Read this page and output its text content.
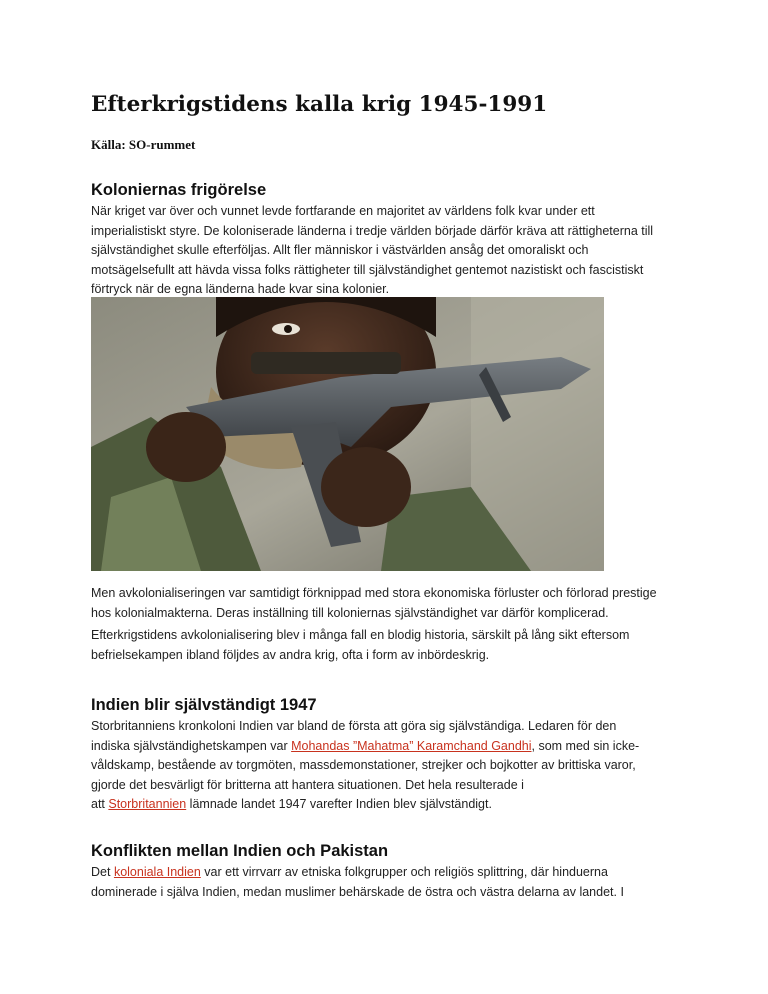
Efterkrigstidens kalla krig 1945-1991
Källa: SO-rummet
Koloniernas frigörelse

När kriget var över och vunnet levde fortfarande en majoritet av världens folk kvar under ett
imperialistiskt styre. De koloniserade länderna i tredje världen började därför kräva att rättigheterna till
självständighet skulle efterföljas. Allt fler människor i västvärlden ansåg det omoraliskt och
motsägelsefullt att hävda vissa folks rättigheter till självständighet gentemot nazistiskt och fascistiskt
förtryck när de egna länderna hade kvar sina kolonier.

Men avkolonialiseringen var samtidigt förknippad med stora ekonomiska förluster och förlorad prestige
hos kolonialmakterna. Deras inställning till koloniernas självständighet var därför komplicerad.

Efterkrigstidens avkolonialisering blev i många fall en blodig historia, särskilt på lång sikt eftersom
befrielsekampen ibland följdes av andra krig, ofta i form av inbördeskrig.

Indien blir självständigt 1947

Storbritanniens kronkoloni Indien var bland de första att göra sig självständiga. Ledaren för den
indiska självständighetskampen var Mohandas ”Mahatma” Karamchand Gandhi, som med sin icke-
våldskamp, bestående av torgmöten, massdemonstationer, strejker och bojkotter av brittiska varor,
gjorde det besvärligt för britterna att hantera situationen. Det hela resulterade i
att Storbritannien lämnade landet 1947 varefter Indien blev självständigt.

Konflikten mellan Indien och Pakistan

Det koloniala Indien var ett virrvarr av etniska folkgrupper och religiös splittring, där hinduerna
dominerade i själva Indien, medan muslimer behärskade de östra och västra delarna av landet. I
